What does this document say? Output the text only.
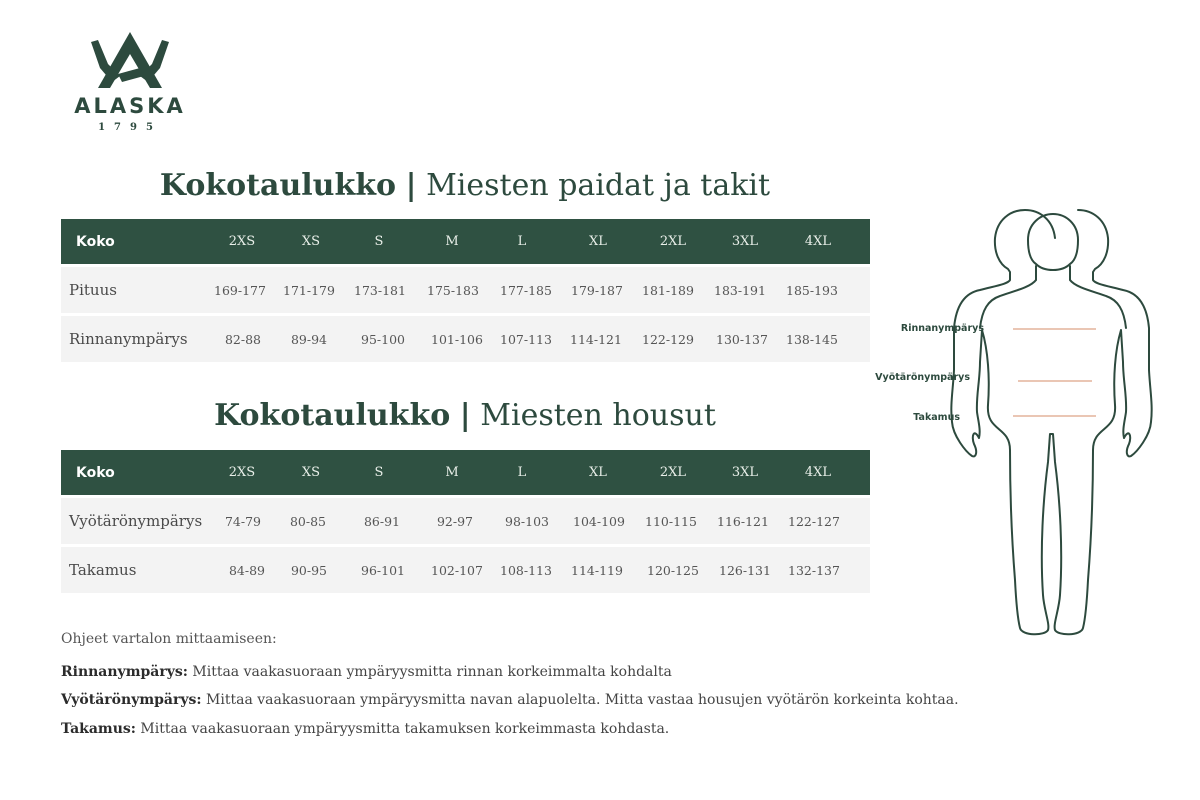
ALASKA
1795
Kokotaulukko | Miesten paidat ja takit
Koko	2XS	XS	S	M	L	XL	2XL	3XL	4XL
Pituus	169-177	171-179	173-181	175-183	177-185	179-187	181-189	183-191	185-193
Rinnanympärys	82-88	89-94	95-100	101-106	107-113	114-121	122-129	130-137	138-145
Kokotaulukko | Miesten housut
Koko	2XS	XS	S	M	L	XL	2XL	3XL	4XL
Vyötärönympärys	74-79	80-85	86-91	92-97	98-103	104-109	110-115	116-121	122-127
Takamus	84-89	90-95	96-101	102-107	108-113	114-119	120-125	126-131	132-137
Ohjeet vartalon mittaamiseen:
Rinnanympärys: Mittaa vaakasuoraan ympäryysmitta rinnan korkeimmalta kohdalta
Vyötärönympärys: Mittaa vaakasuoraan ympäryysmitta navan alapuolelta. Mitta vastaa housujen vyötärön korkeinta kohtaa.
Takamus: Mittaa vaakasuoraan ympäryysmitta takamuksen korkeimmasta kohdasta.
Rinnanympärys
Vyötärönympärys
Takamus
